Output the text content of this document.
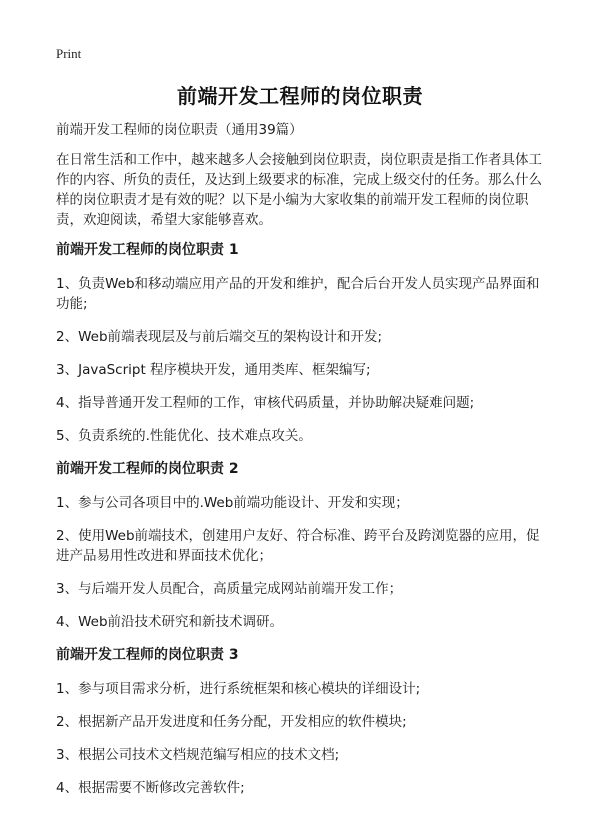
Print
前端开发工程师的岗位职责

前端开发工程师的岗位职责（通用39篇）

在日常生活和工作中，越来越多人会接触到岗位职责，岗位职责是指工作者具体工作的内容、所负的责任，及达到上级要求的标准，完成上级交付的任务。那么什么样的岗位职责才是有效的呢？以下是小编为大家收集的前端开发工程师的岗位职责，欢迎阅读，希望大家能够喜欢。

前端开发工程师的岗位职责 1

1、负责Web和移动端应用产品的开发和维护，配合后台开发人员实现产品界面和功能;

2、Web前端表现层及与前后端交互的架构设计和开发;

3、JavaScript 程序模块开发，通用类库、框架编写;

4、指导普通开发工程师的工作，审核代码质量，并协助解决疑难问题;

5、负责系统的.性能优化、技术难点攻关。

前端开发工程师的岗位职责 2

1、参与公司各项目中的.Web前端功能设计、开发和实现；

2、使用Web前端技术，创建用户友好、符合标准、跨平台及跨浏览器的应用，促进产品易用性改进和界面技术优化；

3、与后端开发人员配合，高质量完成网站前端开发工作；

4、Web前沿技术研究和新技术调研。

前端开发工程师的岗位职责 3

1、参与项目需求分析，进行系统框架和核心模块的详细设计;

2、根据新产品开发进度和任务分配，开发相应的软件模块;

3、根据公司技术文档规范编写相应的技术文档;

4、根据需要不断修改完善软件;
